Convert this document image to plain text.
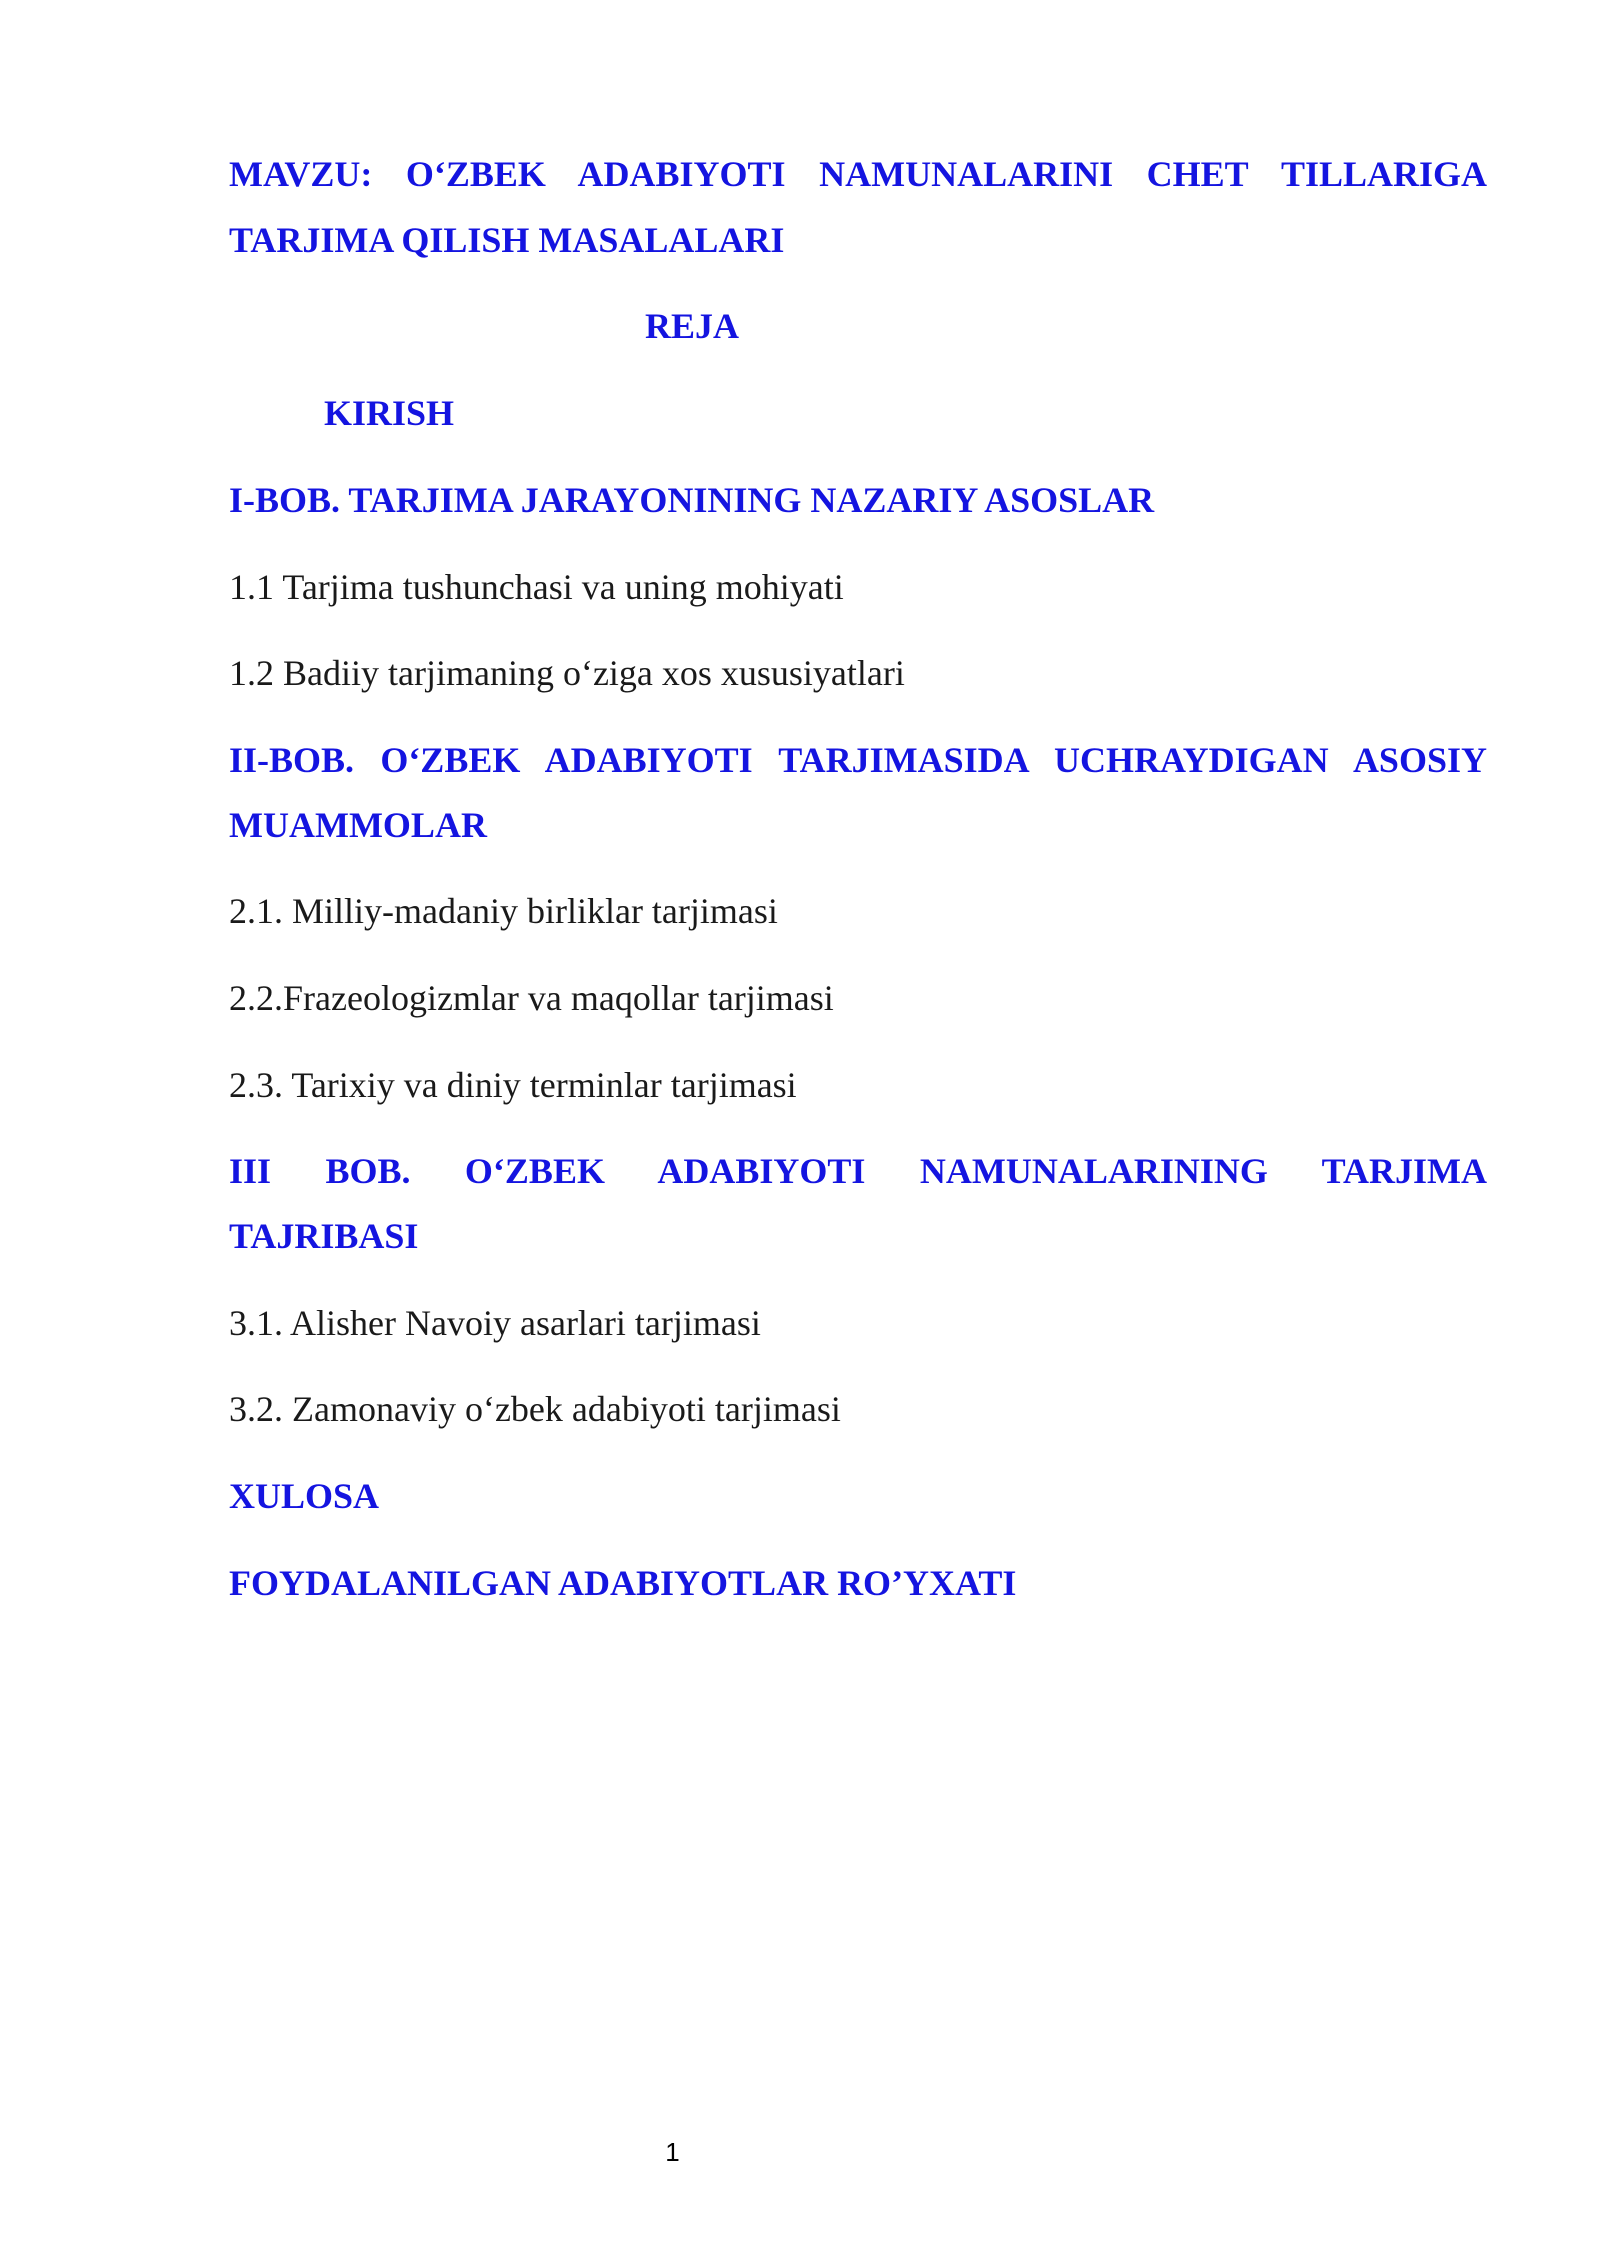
MAVZU: O‘ZBEK ADABIYOTI NAMUNALARINI CHET TILLARIGA

TARJIMA QILISH MASALALARI

REJA

KIRISH

I-BOB. TARJIMA JARAYONINING NAZARIY ASOSLAR

1.1 Tarjima tushunchasi va uning mohiyati

1.2 Badiiy tarjimaning o‘ziga xos xususiyatlari

II-BOB. O‘ZBEK ADABIYOTI TARJIMASIDA UCHRAYDIGAN ASOSIY

MUAMMOLAR

2.1. Milliy-madaniy birliklar tarjimasi

2.2.Frazeologizmlar va maqollar tarjimasi

2.3. Tarixiy va diniy terminlar tarjimasi

III BOB. O‘ZBEK ADABIYOTI NAMUNALARINING TARJIMA

TAJRIBASI

3.1. Alisher Navoiy asarlari tarjimasi

3.2. Zamonaviy o‘zbek adabiyoti tarjimasi

XULOSA

FOYDALANILGAN ADABIYOTLAR RO’YXATI

1
